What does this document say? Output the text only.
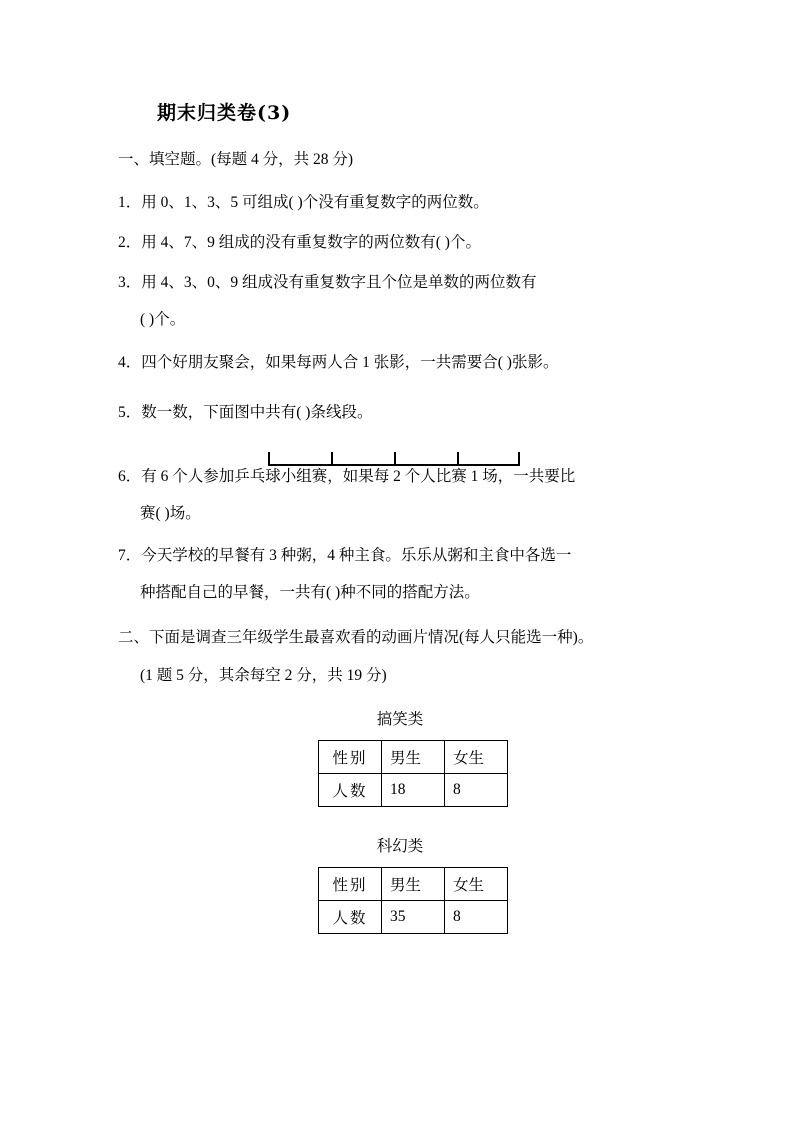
期末归类卷(3)
一、填空题。(每题 4 分，共 28 分)
1．用 0、1、3、5 可组成( )个没有重复数字的两位数。
2．用 4、7、9 组成的没有重复数字的两位数有( )个。
3．用 4、3、0、9 组成没有重复数字且个位是单数的两位数有
( )个。
4．四个好朋友聚会，如果每两人合 1 张影，一共需要合( )张影。
5．数一数，下面图中共有( )条线段。
6．有 6 个人参加乒乓球小组赛，如果每 2 个人比赛 1 场，一共要比
赛( )场。
7．今天学校的早餐有 3 种粥，4 种主食。乐乐从粥和主食中各选一
种搭配自己的早餐，一共有( )种不同的搭配方法。
二、下面是调查三年级学生最喜欢看的动画片情况(每人只能选一种)。
(1 题 5 分，其余每空 2 分，共 19 分)
搞笑类
性别	男生	女生
人数	18	8
科幻类
性别	男生	女生
人数	35	8
